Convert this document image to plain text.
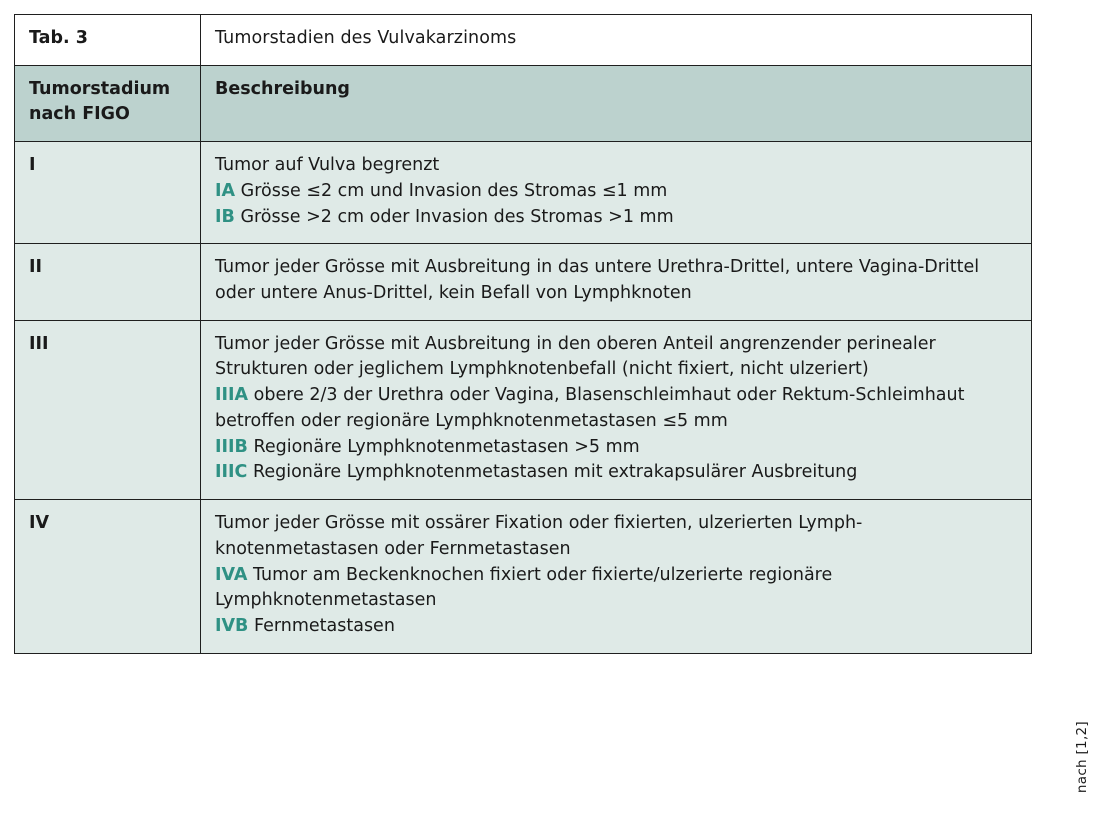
Tab. 3	Tumorstadien des Vulvakarzinoms
Tumorstadium
nach FIGO	Beschreibung
I	Tumor auf Vulva begrenzt

IA Grösse ≤2 cm und Invasion des Stromas ≤1 mm

IB Grösse >2 cm oder Invasion des Stromas >1 mm

II	Tumor jeder Grösse mit Ausbreitung in das untere Urethra-Drittel, untere Vagina-Drittel oder untere Anus-Drittel, kein Befall von Lymphknoten

III	Tumor jeder Grösse mit Ausbreitung in den oberen Anteil angrenzender perinealer Strukturen oder jeglichem Lymphknotenbefall (nicht fixiert, nicht ulzeriert)

IIIA obere 2/3 der Urethra oder Vagina, Blasenschleimhaut oder Rektum-Schleimhaut betroffen oder regionäre Lymphknotenmetastasen ≤5 mm

IIIB Regionäre Lymphknotenmetastasen >5 mm

IIIC Regionäre Lymphknotenmetastasen mit extrakapsulärer Ausbreitung

IV	Tumor jeder Grösse mit ossärer Fixation oder fixierten, ulzerierten Lymph-knotenmetastasen oder Fernmetastasen

IVA Tumor am Beckenknochen fixiert oder fixierte/ulzerierte regionäre Lymphknotenmetastasen

IVB Fernmetastasen

nach [1,2]
